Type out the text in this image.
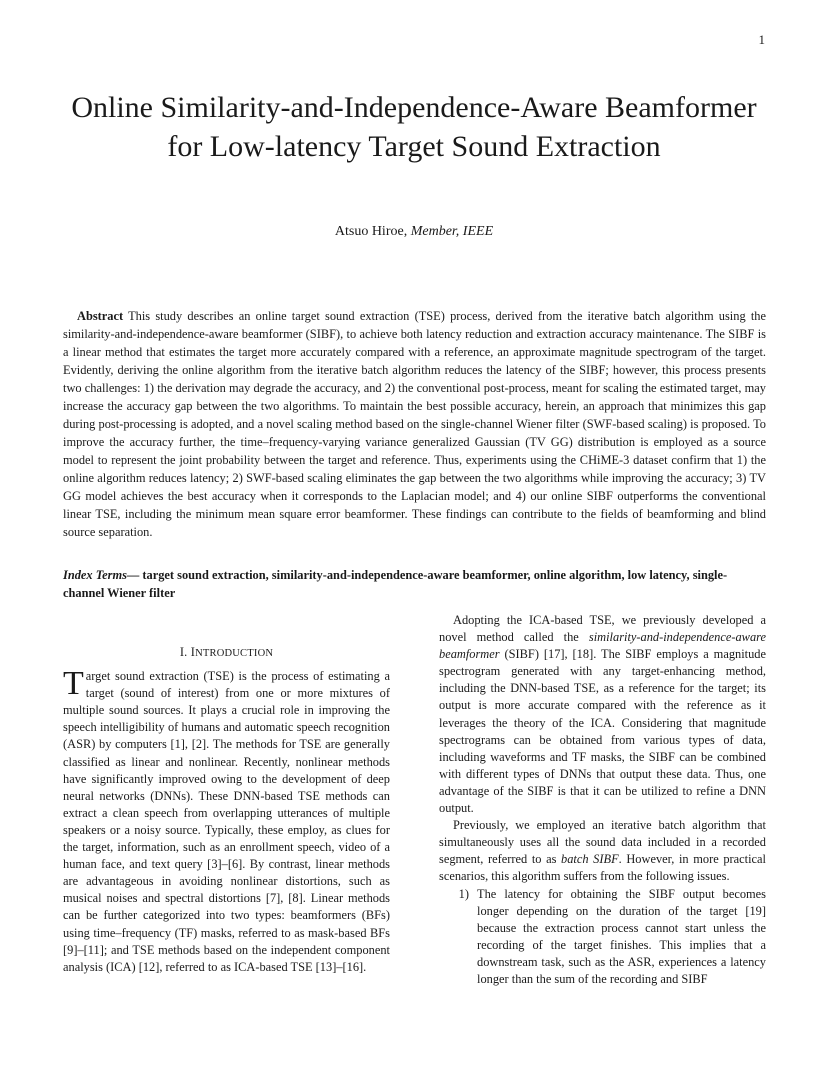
1
Online Similarity-and-Independence-Aware Beamformer for Low-latency Target Sound Extraction
Atsuo Hiroe, Member, IEEE
Abstract This study describes an online target sound extraction (TSE) process, derived from the iterative batch algorithm using the similarity-and-independence-aware beamformer (SIBF), to achieve both latency reduction and extraction accuracy maintenance. The SIBF is a linear method that estimates the target more accurately compared with a reference, an approximate magnitude spectrogram of the target. Evidently, deriving the online algorithm from the iterative batch algorithm reduces the latency of the SIBF; however, this process presents two challenges: 1) the derivation may degrade the accuracy, and 2) the conventional post-process, meant for scaling the estimated target, may increase the accuracy gap between the two algorithms. To maintain the best possible accuracy, herein, an approach that minimizes this gap during post-processing is adopted, and a novel scaling method based on the single-channel Wiener filter (SWF-based scaling) is proposed. To improve the accuracy further, the time–frequency-varying variance generalized Gaussian (TV GG) distribution is employed as a source model to represent the joint probability between the target and reference. Thus, experiments using the CHiME-3 dataset confirm that 1) the online algorithm reduces latency; 2) SWF-based scaling eliminates the gap between the two algorithms while improving the accuracy; 3) TV GG model achieves the best accuracy when it corresponds to the Laplacian model; and 4) our online SIBF outperforms the conventional linear TSE, including the minimum mean square error beamformer. These findings can contribute to the fields of beamforming and blind source separation.
Index Terms— target sound extraction, similarity-and-independence-aware beamformer, online algorithm, low latency, single-channel Wiener filter
I. INTRODUCTION

Target sound extraction (TSE) is the process of estimating a target (sound of interest) from one or more mixtures of multiple sound sources. It plays a crucial role in improving the speech intelligibility of humans and automatic speech recognition (ASR) by computers [1], [2]. The methods for TSE are generally classified as linear and nonlinear. Recently, nonlinear methods have significantly improved owing to the development of deep neural networks (DNNs). These DNN-based TSE methods can extract a clean speech from overlapping utterances of multiple speakers or a noisy source. Typically, these employ, as clues for the target, information, such as an enrollment speech, video of a human face, and text query [3]–[6]. By contrast, linear methods are advantageous in avoiding nonlinear distortions, such as musical noises and spectral distortions [7], [8]. Linear methods can be further categorized into two types: beamformers (BFs) using time–frequency (TF) masks, referred to as mask-based BFs [9]–[11]; and TSE methods based on the independent component analysis (ICA) [12], referred to as ICA-based TSE [13]–[16].

Adopting the ICA-based TSE, we previously developed a novel method called the similarity-and-independence-aware beamformer (SIBF) [17], [18]. The SIBF employs a magnitude spectrogram generated with any target-enhancing method, including the DNN-based TSE, as a reference for the target; its output is more accurate compared with the reference as it leverages the theory of the ICA. Considering that magnitude spectrograms can be obtained from various types of data, including waveforms and TF masks, the SIBF can be combined with different types of DNNs that output these data. Thus, one advantage of the SIBF is that it can be utilized to refine a DNN output.

Previously, we employed an iterative batch algorithm that simultaneously uses all the sound data included in a recorded segment, referred to as batch SIBF. However, in more practical scenarios, this algorithm suffers from the following issues.

1) The latency for obtaining the SIBF output becomes longer depending on the duration of the target [19] because the extraction process cannot start unless the recording of the target finishes. This implies that a downstream task, such as the ASR, experiences a latency longer than the sum of the recording and SIBF
